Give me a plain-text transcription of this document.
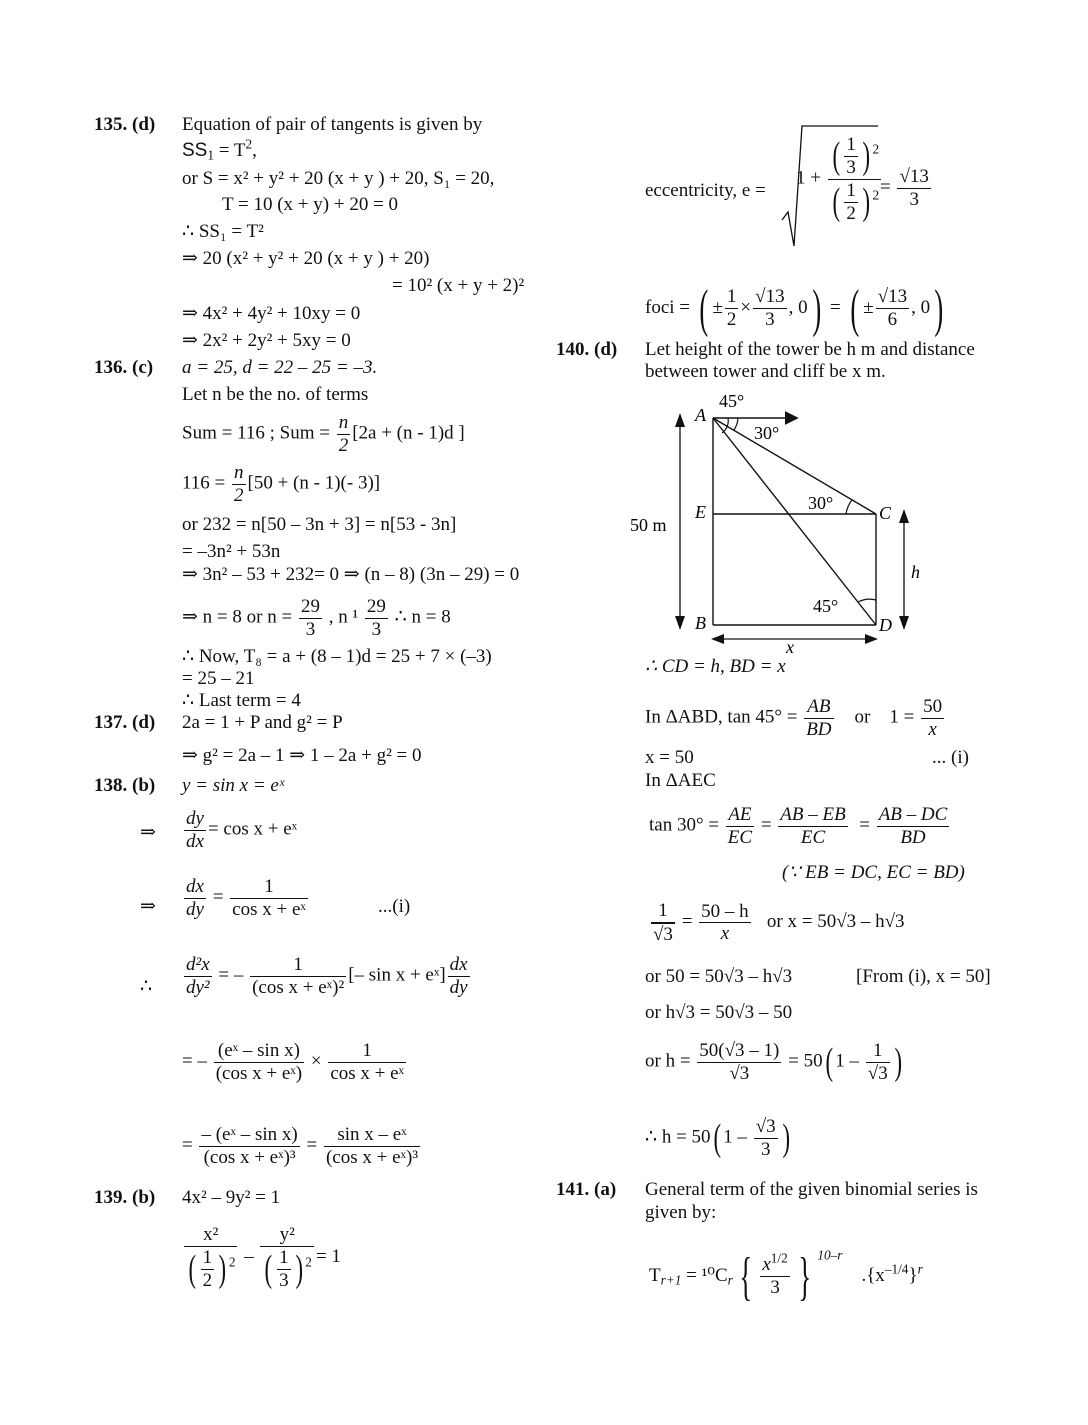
135. (d) Equation of pair of tangents is given by
$SS_1 = T^2$,
or S = x² + y² + 20 (x + y ) + 20, S₁ = 20,
T = 10 (x + y) + 20 = 0
∴ SS₁ = T²
⇒ 20 (x² + y² + 20 (x + y ) + 20)
= 10² (x + y + 2)²
⇒ 4x² + 4y² + 10xy = 0
⇒ 2x² + 2y² + 5xy = 0
136. (c) a = 25, d = 22 – 25 = –3.
Let n be the no. of terms
Sum = 116 ; Sum = $\frac{n}{2} [2a + (n - 1)d$ ]
$116 = \frac{n}{2} [50 + (n - 1)(-$ 3)]
or 232 = n[50 – 3n + 3] = n[53 - 3n]
= –3n² + 53n
⇒ 3n² – 53 + 232= 0 ⇒ (n – 8) (3n – 29) = 0
⇒ n = 8 or $n = \frac{29}{3}$ , n $^1 \frac{29}{3}$ ∴ n = 8
∴ Now, T₈ = a + (8 – 1)d = 25 + 7 × (–3)
= 25 – 21
∴ Last term = 4
137. (d) 2a = 1 + P and g² = P
⇒ g² = 2a – 1 ⇒ 1 – 2a + g² = 0
138. (b) y = sin x = eˣ
⇒ $\frac{dy}{dx} = \cos x$ + eˣ
⇒ $\frac{dx}{dy} = \frac{1}{\text{cos x + eˣ}}$	...(i)
∴ $\frac{\text{d²x}}{\text{dy²}}$ = – $\frac{1}{\text{(cos x + eˣ)²}}$ [– sin x + eˣ] $\frac{dx}{dy}$
= – $\frac{\text{(eˣ – sin x)}}{\text{(cos x + eˣ)}} \times \frac{1}{\text{cos x + eˣ}}$
= $\frac{\text{– (eˣ – sin x)}}{\text{(cos x + eˣ)³}} = \frac{\text{sin x – eˣ}}{\text{(cos x + eˣ)³}}$
139. (b) 4x² – 9y² = 1
$\frac{\text{x²}}{( \frac{1}{2} ) ^2} - \frac{\text{y²}}{( \frac{1}{3} ) ^2} = 1$
eccentricity, e =
$1 + \frac{( \frac{1}{3} ) ^2}{( \frac{1}{2} ) ^2}$
= $\frac{√13}{3}$
foci = ( ± $\frac{1}{2} \times \frac{√13}{3}$ , 0) = ( ± $\frac{√13}{6}$ , 0)
140. (d) Let height of the tower be h m and distance
between tower and cliff be x m.
A
45°
30°
E	30°	C
50 m
h
45°
B	D
x
∴ CD = h, BD = x
In ΔABD, $\tan 45^\circ = \frac{AB}{BD}$ or $1 = \frac{50}{x}$
x = 50	... (i)
In ΔAEC
$\tan 30^\circ = \frac{AE}{EC} = \frac{AB - EB}{EC} = \frac{AB - DC}{BD}$
(∵ EB = DC, EC = BD)
$\frac{1}{√3} = \frac{50 - h}{x}$ or x = 50√3 – h√3
or 50 = 50√3 – h√3	[From (i), x = 50]
or h√3 = 50√3 – 50
or $h = \frac{50(√3 - 1)}{√3} = 50$( $1 - \frac{1}{√3}$ )
∴ h = 50( $1 - \frac{√3}{3}$ )
141. (a) General term of the given binomial series is
given by:
$T_{r+1} = ^{10}C_r$ { $\frac{x^{1/2}}{3}$ } $^{10-r}$    $.\{x^{-1/4}\}^r$
